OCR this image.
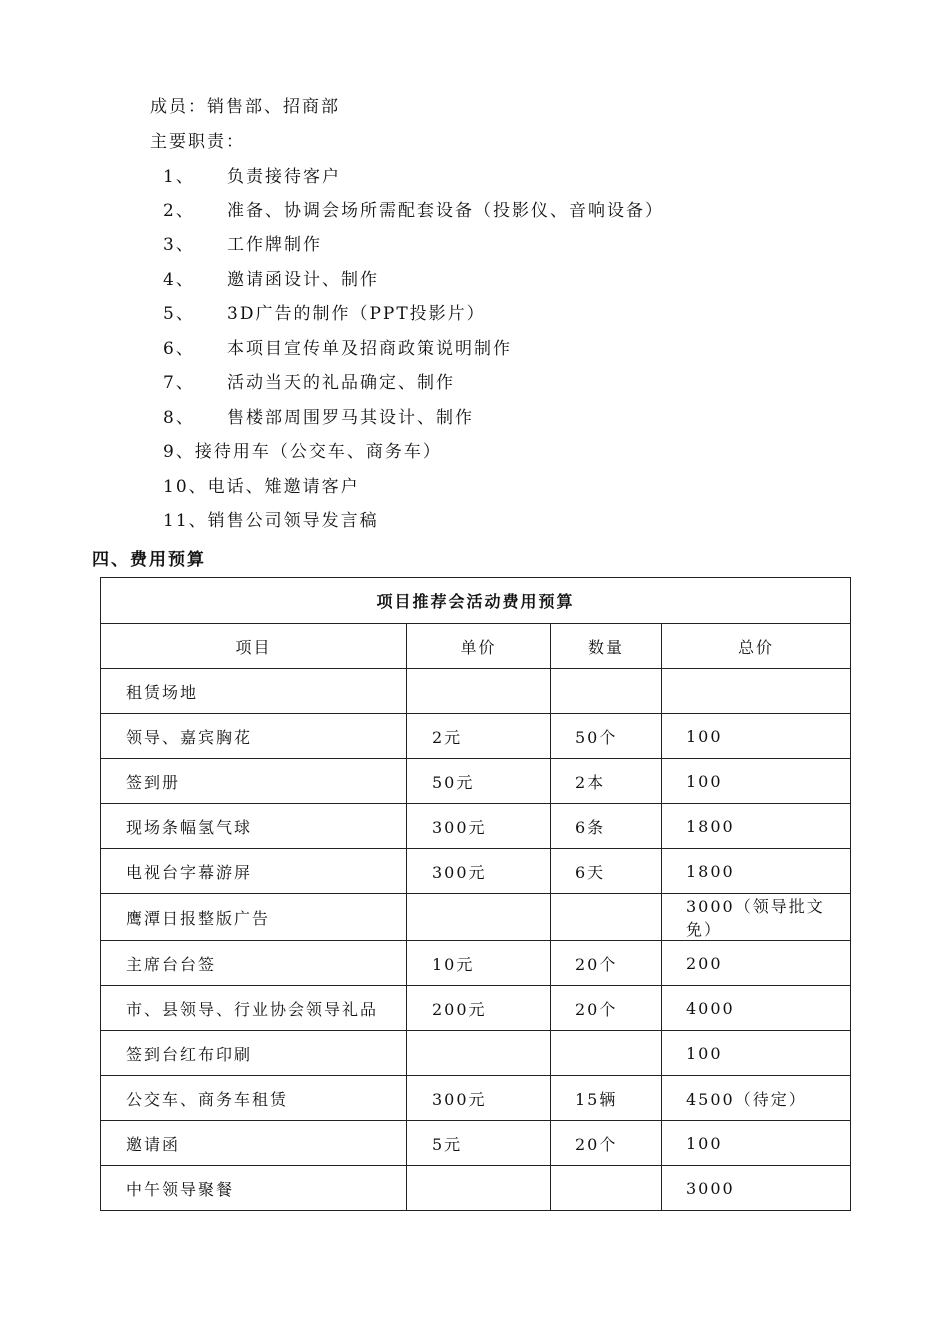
成员：销售部、招商部
主要职责：
1、 负责接待客户
2、 准备、协调会场所需配套设备（投影仪、音响设备）
3、 工作牌制作
4、 邀请函设计、制作
5、 3D广告的制作（PPT投影片）
6、 本项目宣传单及招商政策说明制作
7、 活动当天的礼品确定、制作
8、 售楼部周围罗马其设计、制作
9、接待用车（公交车、商务车）
10、电话、雉邀请客户
11、销售公司领导发言稿
四、费用预算
项目推荐会活动费用预算			
项目	单价	数量	总价
租赁场地			
领导、嘉宾胸花	2元	50个	100
签到册	50元	2本	100
现场条幅氢气球	300元	6条	1800
电视台字幕游屏	300元	6天	1800
鹰潭日报整版广告			3000（领导批文免）
主席台台签	10元	20个	200
市、县领导、行业协会领导礼品	200元	20个	4000
签到台红布印刷			100
公交车、商务车租赁	300元	15辆	4500（待定）
邀请函	5元	20个	100
中午领导聚餐			3000
